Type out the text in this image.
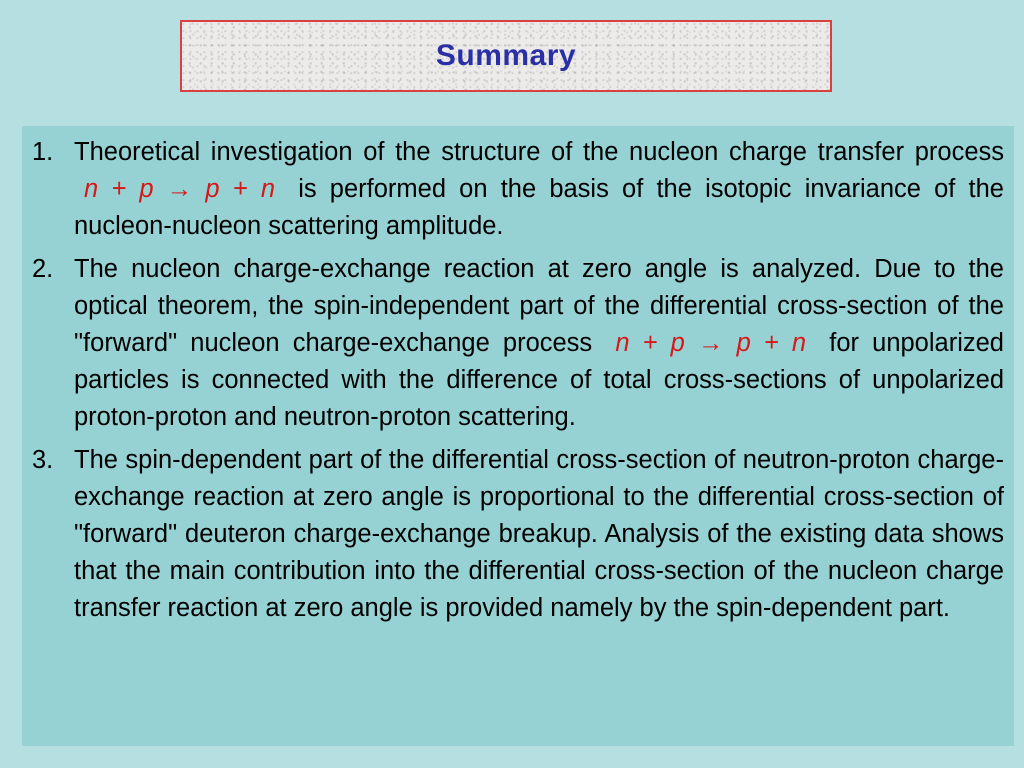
Summary
1. Theoretical investigation of the structure of the nucleon charge transfer process n + p → p + n is performed on the basis of the isotopic invariance of the nucleon-nucleon scattering amplitude.
2. The nucleon charge-exchange reaction at zero angle is analyzed. Due to the optical theorem, the spin-independent part of the differential cross-section of the "forward" nucleon charge-exchange process n + p → p + n for unpolarized particles is connected with the difference of total cross-sections of unpolarized proton-proton and neutron-proton scattering.
3. The spin-dependent part of the differential cross-section of neutron-proton charge-exchange reaction at zero angle is proportional to the differential cross-section of "forward" deuteron charge-exchange breakup. Analysis of the existing data shows that the main contribution into the differential cross-section of the nucleon charge transfer reaction at zero angle is provided namely by the spin-dependent part.
